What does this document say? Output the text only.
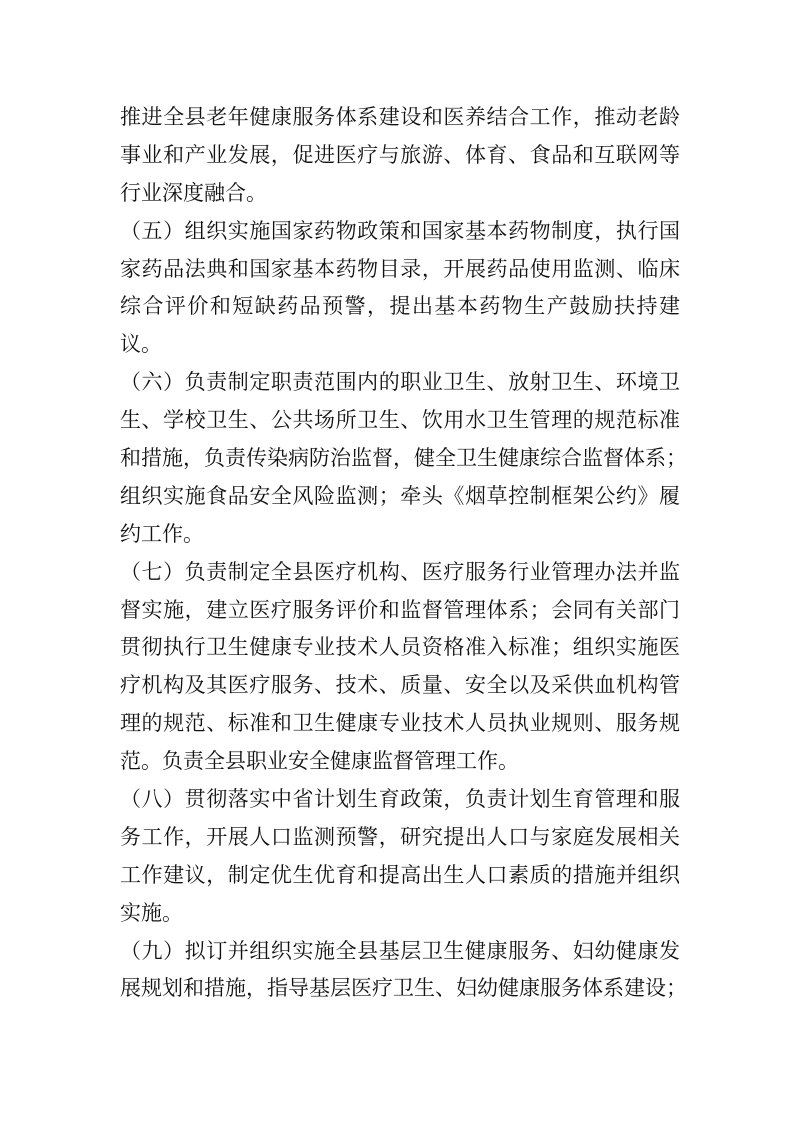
推进全县老年健康服务体系建设和医养结合工作，推动老龄
事业和产业发展，促进医疗与旅游、体育、食品和互联网等
行业深度融合。
（五）组织实施国家药物政策和国家基本药物制度，执行国
家药品法典和国家基本药物目录，开展药品使用监测、临床
综合评价和短缺药品预警，提出基本药物生产鼓励扶持建
议。
（六）负责制定职责范围内的职业卫生、放射卫生、环境卫
生、学校卫生、公共场所卫生、饮用水卫生管理的规范标准
和措施，负责传染病防治监督，健全卫生健康综合监督体系；
组织实施食品安全风险监测；牵头《烟草控制框架公约》履
约工作。
（七）负责制定全县医疗机构、医疗服务行业管理办法并监
督实施，建立医疗服务评价和监督管理体系；会同有关部门
贯彻执行卫生健康专业技术人员资格准入标准；组织实施医
疗机构及其医疗服务、技术、质量、安全以及采供血机构管
理的规范、标准和卫生健康专业技术人员执业规则、服务规
范。负责全县职业安全健康监督管理工作。
（八）贯彻落实中省计划生育政策，负责计划生育管理和服
务工作，开展人口监测预警，研究提出人口与家庭发展相关
工作建议，制定优生优育和提高出生人口素质的措施并组织
实施。
（九）拟订并组织实施全县基层卫生健康服务、妇幼健康发
展规划和措施，指导基层医疗卫生、妇幼健康服务体系建设；
